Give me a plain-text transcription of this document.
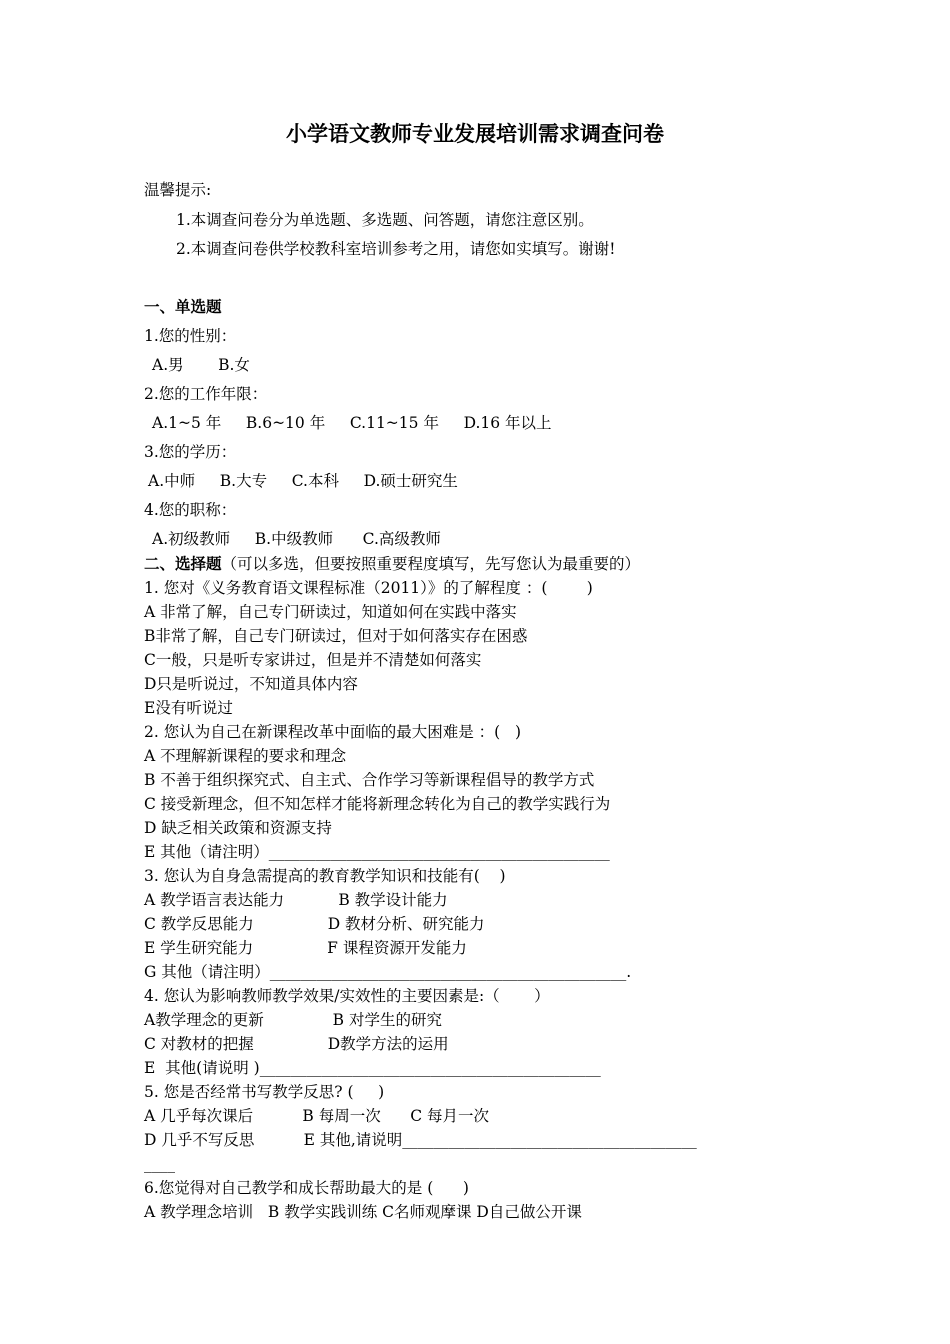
小学语文教师专业发展培训需求调查问卷
温馨提示:
1.本调查问卷分为单选题、多选题、问答题，请您注意区别。
2.本调查问卷供学校教科室培训参考之用，请您如实填写。谢谢!
一、单选题
1.您的性别：
A.男       B.女
2.您的工作年限：
A.1~5 年     B.6~10 年     C.11~15 年     D.16 年以上
3.您的学历：
A.中师     B.大专     C.本科     D.硕士研究生
4.您的职称：
A.初级教师     B.中级教师      C.高级教师
二、选择题（可以多选，但要按照重要程度填写，先写您认为最重要的）
1. 您对《义务教育语文课程标准（2011）》的了解程度 ：(        )
A 非常了解，自己专门研读过，知道如何在实践中落实
B非常了解，自己专门研读过，但对于如何落实存在困惑
C一般，只是听专家讲过，但是并不清楚如何落实
D只是听说过，不知道具体内容
E没有听说过
2. 您认为自己在新课程改革中面临的最大困难是 ：(   )
A 不理解新课程的要求和理念
B 不善于组织探究式、自主式、合作学习等新课程倡导的教学方式
C 接受新理念，但不知怎样才能将新理念转化为自己的教学实践行为
D 缺乏相关政策和资源支持
E 其他（请注明）____________________________________________
3. 您认为自身急需提高的教育教学知识和技能有(    )
A 教学语言表达能力           B 教学设计能力
C 教学反思能力               D 教材分析、研究能力
E 学生研究能力               F 课程资源开发能力
G 其他（请注明）______________________________________________.
4. 您认为影响教师教学效果/实效性的主要因素是:（       ）
A教学理念的更新              B 对学生的研究
C 对教材的把握               D教学方法的运用
E  其他(请说明 )____________________________________________
5. 您是否经常书写教学反思? (     )
A 几乎每次课后          B 每周一次      C 每月一次
D 几乎不写反思          E 其他,请说明______________________________________
____
6.您觉得对自己教学和成长帮助最大的是 (      )
A 教学理念培训   B 教学实践训练 C名师观摩课 D自己做公开课
